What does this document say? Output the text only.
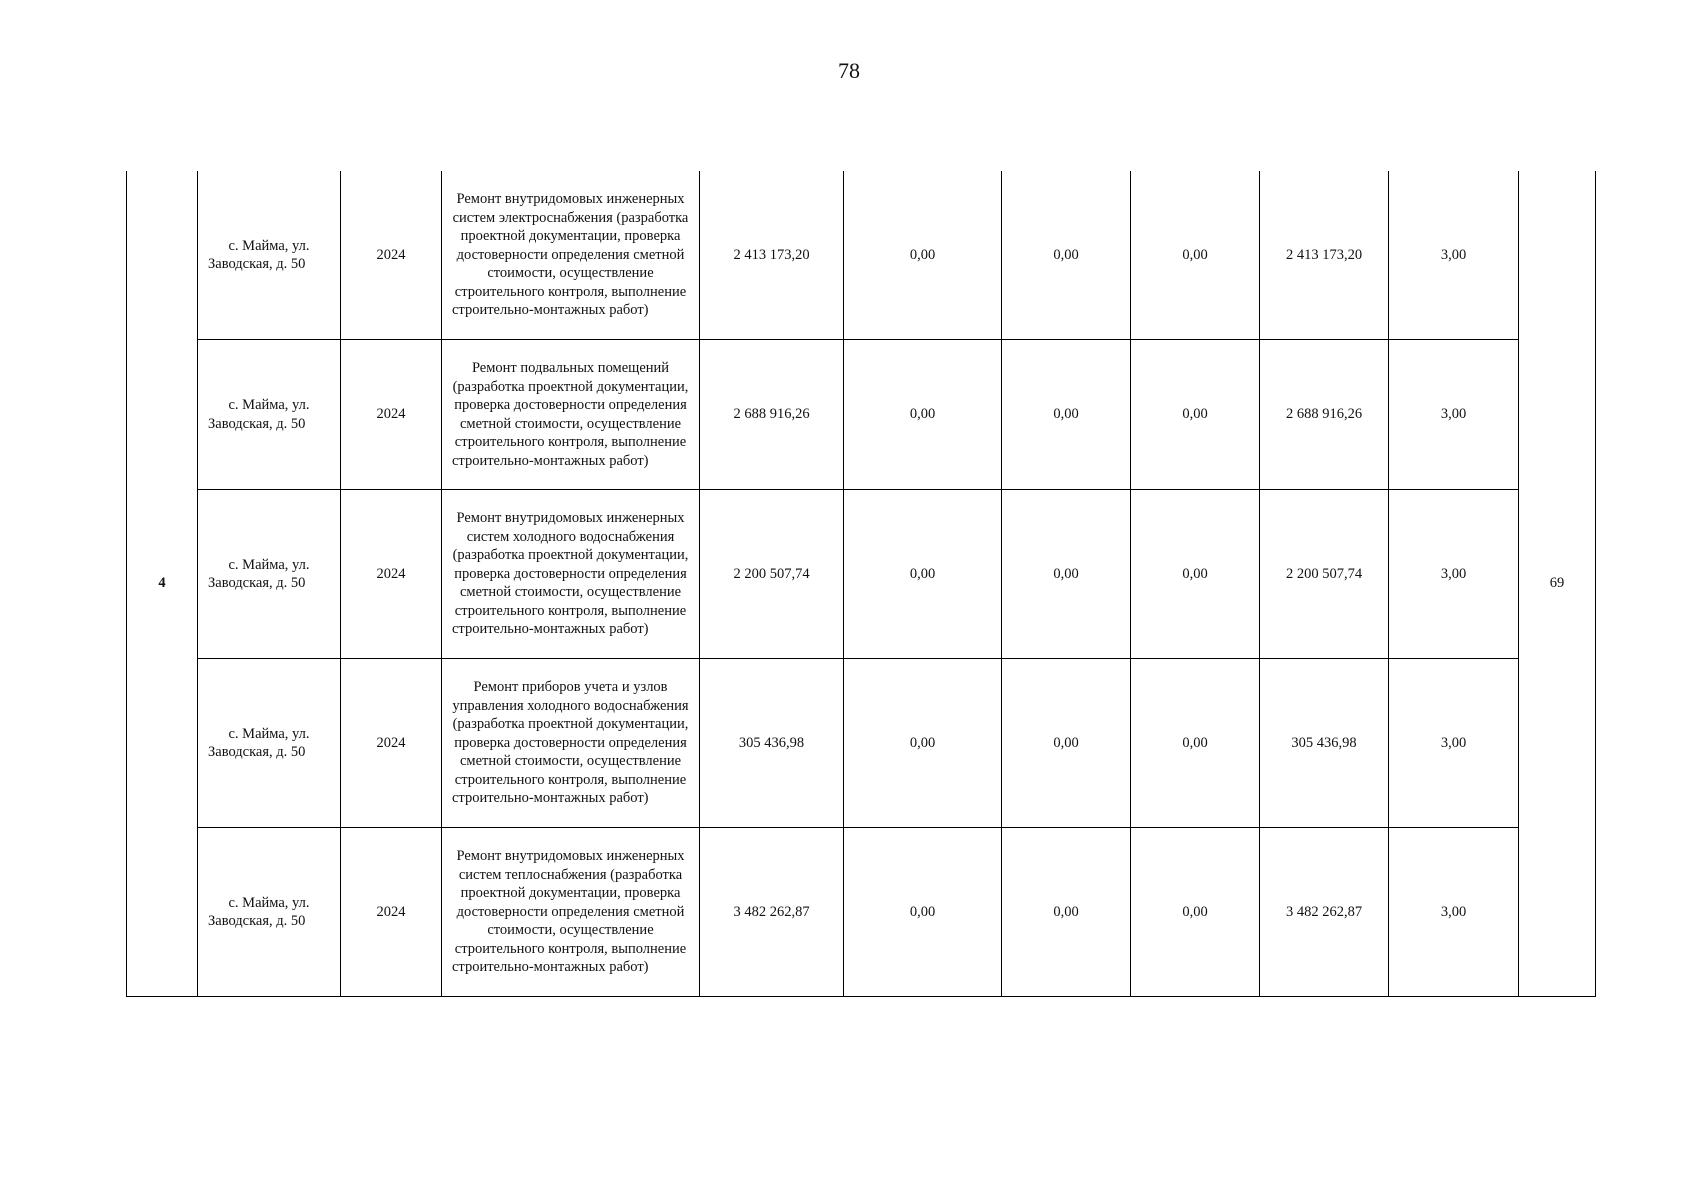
78
4	с. Майма, ул. Заводская, д. 50	2024	Ремонт внутридомовых инженерных систем электроснабжения (разработка проектной документации, проверка достоверности определения сметной стоимости, осуществление строительного контроля, выполнение строительно-монтажных работ)	2 413 173,20	0,00	0,00	0,00	2 413 173,20	3,00	69
	с. Майма, ул. Заводская, д. 50	2024	Ремонт подвальных помещений (разработка проектной документации, проверка достоверности определения сметной стоимости, осуществление строительного контроля, выполнение строительно-монтажных работ)	2 688 916,26	0,00	0,00	0,00	2 688 916,26	3,00	
	с. Майма, ул. Заводская, д. 50	2024	Ремонт внутридомовых инженерных систем холодного водоснабжения (разработка проектной документации, проверка достоверности определения сметной стоимости, осуществление строительного контроля, выполнение строительно-монтажных работ)	2 200 507,74	0,00	0,00	0,00	2 200 507,74	3,00	
	с. Майма, ул. Заводская, д. 50	2024	Ремонт приборов учета и узлов управления холодного водоснабжения (разработка проектной документации, проверка достоверности определения сметной стоимости, осуществление строительного контроля, выполнение строительно-монтажных работ)	305 436,98	0,00	0,00	0,00	305 436,98	3,00	
	с. Майма, ул. Заводская, д. 50	2024	Ремонт внутридомовых инженерных систем теплоснабжения (разработка проектной документации, проверка достоверности определения сметной стоимости, осуществление строительного контроля, выполнение строительно-монтажных работ)	3 482 262,87	0,00	0,00	0,00	3 482 262,87	3,00	
